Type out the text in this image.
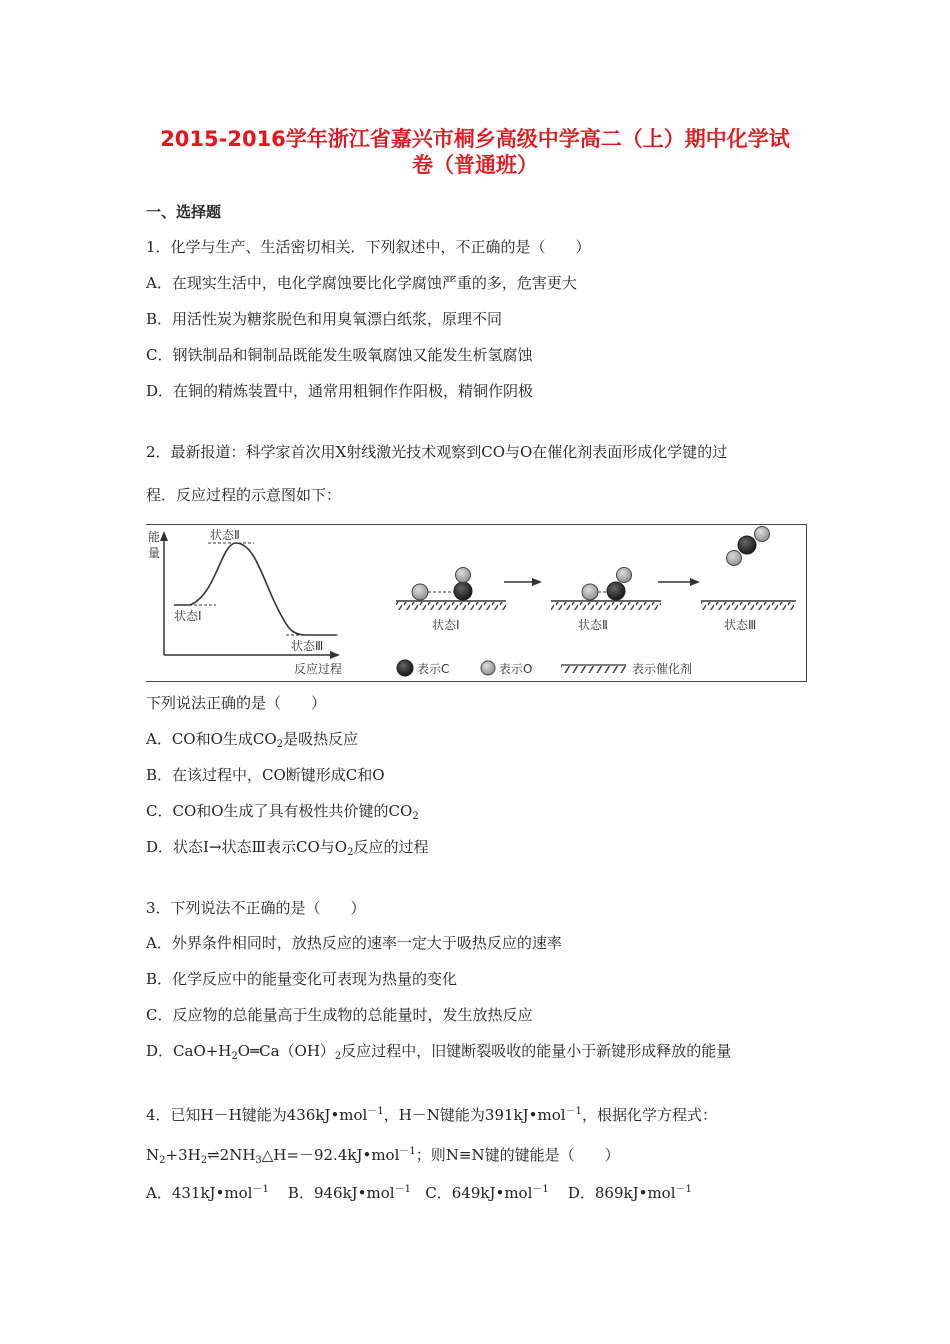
2015-2016学年浙江省嘉兴市桐乡高级中学高二（上）期中化学试
卷（普通班）
一、选择题
1．化学与生产、生活密切相关．下列叙述中，不正确的是（　　）
A．在现实生活中，电化学腐蚀要比化学腐蚀严重的多，危害更大
B．用活性炭为糖浆脱色和用臭氧漂白纸浆，原理不同
C．钢铁制品和铜制品既能发生吸氧腐蚀又能发生析氢腐蚀
D．在铜的精炼装置中，通常用粗铜作作阳极，精铜作阴极
2．最新报道：科学家首次用X射线激光技术观察到CO与O在催化剂表面形成化学键的过
程．反应过程的示意图如下：
能
量
状态Ⅱ
状态Ⅰ
状态Ⅲ
反应过程
状态Ⅰ	状态Ⅱ	状态Ⅲ
表示C	表示O	表示催化剂
下列说法正确的是（　　）
A．CO和O生成$CO_2$是吸热反应
B．在该过程中，CO断键形成C和O
C．CO和O生成了具有极性共价键的$CO_2$
D．状态Ⅰ→状态Ⅲ表示CO与$O_2$反应的过程
3．下列说法不正确的是（　　）
A．外界条件相同时，放热反应的速率一定大于吸热反应的速率
B．化学反应中的能量变化可表现为热量的变化
C．反应物的总能量高于生成物的总能量时，发生放热反应
D．$CaO+H_2O═Ca(OH)_2$反应过程中，旧键断裂吸收的能量小于新键形成释放的能量
4．已知H－H键能为436kJ•mol$^{-1}$，H－N键能为391kJ•mol$^{-1}$，根据化学方程式：
$N_2+3H_2\rightleftharpoons 2NH_3\triangle H=-92.4kJ•mol^{-1}$；则N≡N键的键能是（　　）
A．431kJ•mol$^{-1}$ B．946kJ•mol$^{-1}$ C．649kJ•mol$^{-1}$ D．869kJ•mol$^{-1}$
